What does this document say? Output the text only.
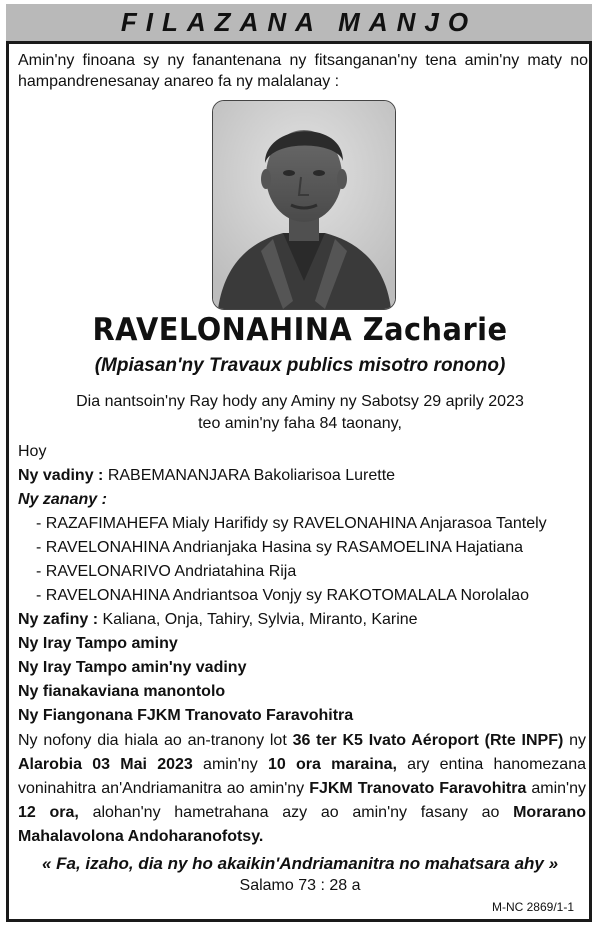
FILAZANA MANJO

Amin'ny finoana sy ny fanantenana ny fitsanganan'ny tena amin'ny maty no hampandrenesanay anareo fa ny malalanay :

RAVELONAHINA Zacharie
(Mpiasan'ny Travaux publics misotro ronono)
Dia nantsoin'ny Ray hody any Aminy ny Sabotsy 29 aprily 2023
teo amin'ny faha 84 taonany,
Hoy
Ny vadiny : RABEMANANJARA Bakoliarisoa Lurette
Ny zanany :
- RAZAFIMAHEFA Mialy Harifidy sy RAVELONAHINA Anjarasoa Tantely
- RAVELONAHINA Andrianjaka Hasina sy RASAMOELINA Hajatiana
- RAVELONARIVO Andriatahina Rija
- RAVELONAHINA Andriantsoa Vonjy sy RAKOTOMALALA Norolalao
Ny zafiny : Kaliana, Onja, Tahiry, Sylvia, Miranto, Karine
Ny Iray Tampo aminy
Ny Iray Tampo amin'ny vadiny
Ny fianakaviana manontolo
Ny Fiangonana FJKM Tranovato Faravohitra
Ny nofony dia hiala ao an-tranony lot 36 ter K5 Ivato Aéroport (Rte INPF) ny Alarobia 03 Mai 2023 amin'ny 10 ora maraina, ary entina hanomezana voninahitra an'Andriamanitra ao amin'ny FJKM Tranovato Faravohitra amin'ny 12 ora, alohan'ny hametrahana azy ao amin'ny fasany ao Morarano Mahalavolona Andoharanofotsy.
« Fa, izaho, dia ny ho akaikin'Andriamanitra no mahatsara ahy »
Salamo 73 : 28 a
M-NC 2869/1-1
